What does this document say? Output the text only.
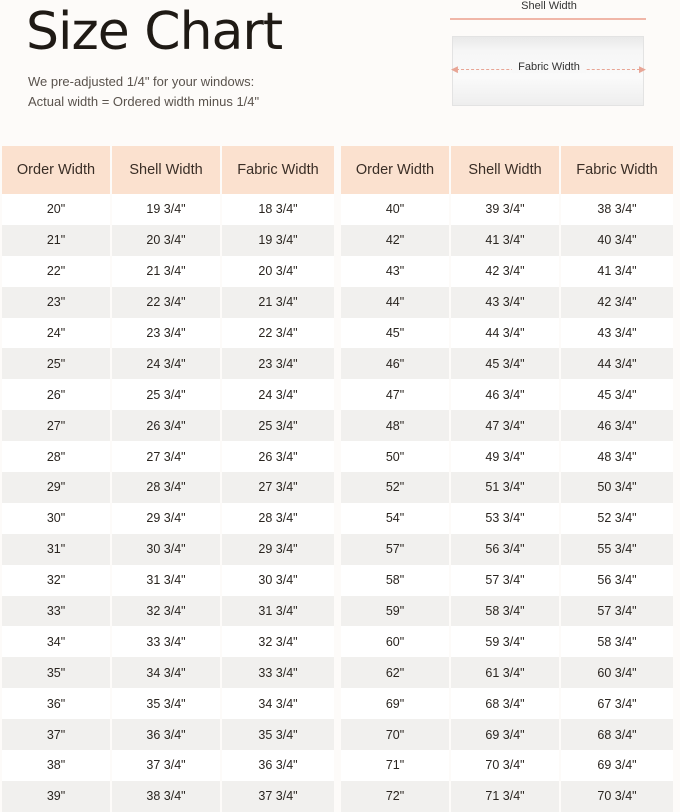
Size Chart
We pre-adjusted 1/4" for your windows:
Actual width = Ordered width minus 1/4"
Shell Width
◀	▶
Fabric Width
Order Width	Shell Width	Fabric Width
20"	19 3/4"	18 3/4"
21"	20 3/4"	19 3/4"
22"	21 3/4"	20 3/4"
23"	22 3/4"	21 3/4"
24"	23 3/4"	22 3/4"
25"	24 3/4"	23 3/4"
26"	25 3/4"	24 3/4"
27"	26 3/4"	25 3/4"
28"	27 3/4"	26 3/4"
29"	28 3/4"	27 3/4"
30"	29 3/4"	28 3/4"
31"	30 3/4"	29 3/4"
32"	31 3/4"	30 3/4"
33"	32 3/4"	31 3/4"
34"	33 3/4"	32 3/4"
35"	34 3/4"	33 3/4"
36"	35 3/4"	34 3/4"
37"	36 3/4"	35 3/4"
38"	37 3/4"	36 3/4"
39"	38 3/4"	37 3/4"
Order Width	Shell Width	Fabric Width
40"	39 3/4"	38 3/4"
42"	41 3/4"	40 3/4"
43"	42 3/4"	41 3/4"
44"	43 3/4"	42 3/4"
45"	44 3/4"	43 3/4"
46"	45 3/4"	44 3/4"
47"	46 3/4"	45 3/4"
48"	47 3/4"	46 3/4"
50"	49 3/4"	48 3/4"
52"	51 3/4"	50 3/4"
54"	53 3/4"	52 3/4"
57"	56 3/4"	55 3/4"
58"	57 3/4"	56 3/4"
59"	58 3/4"	57 3/4"
60"	59 3/4"	58 3/4"
62"	61 3/4"	60 3/4"
69"	68 3/4"	67 3/4"
70"	69 3/4"	68 3/4"
71"	70 3/4"	69 3/4"
72"	71 3/4"	70 3/4"
